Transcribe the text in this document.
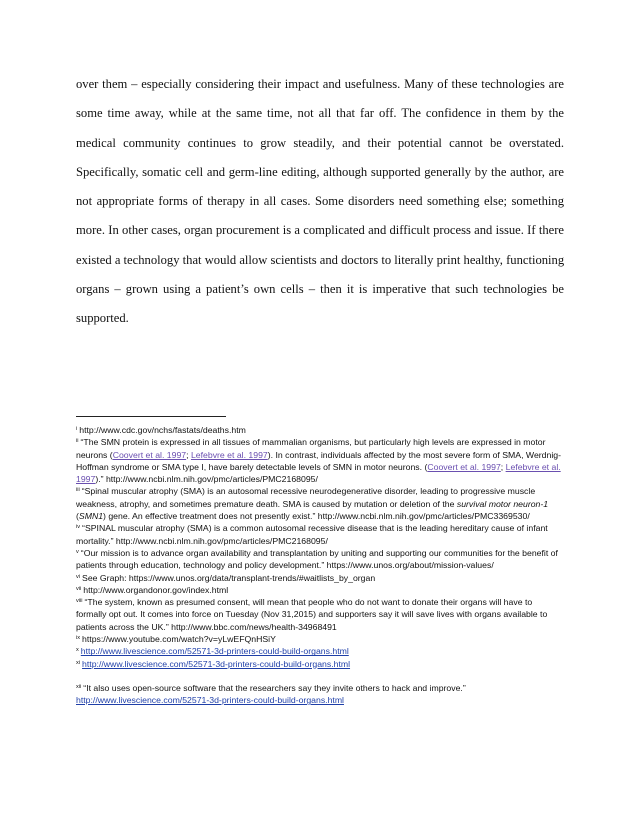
over them – especially considering their impact and usefulness. Many of these technologies are
some time away, while at the same time, not all that far off. The confidence in them by the
medical community continues to grow steadily, and their potential cannot be overstated.
Specifically, somatic cell and germ-line editing, although supported generally by the author, are
not appropriate forms of therapy in all cases. Some disorders need something else; something
more. In other cases, organ procurement is a complicated and difficult process and issue. If there
existed a technology that would allow scientists and doctors to literally print healthy, functioning
organs – grown using a patient’s own cells – then it is imperative that such technologies be
supported.
$^i$ http://www.cdc.gov/nchs/fastats/deaths.htm
$^{ii}$ “The SMN protein is expressed in all tissues of mammalian organisms, but particularly high levels are expressed in motor neurons (Coovert et al. 1997; Lefebvre et al. 1997). In contrast, individuals affected by the most severe form of SMA, Werdnig-Hoffman syndrome or SMA type I, have barely detectable levels of SMN in motor neurons. (Coovert et al. 1997; Lefebvre et al. 1997).” http://www.ncbi.nlm.nih.gov/pmc/articles/PMC2168095/
$^{iii}$ “Spinal muscular atrophy (SMA) is an autosomal recessive neurodegenerative disorder, leading to progressive muscle weakness, atrophy, and sometimes premature death. SMA is caused by mutation or deletion of the survival motor neuron-1 (SMN1) gene. An effective treatment does not presently exist.” http://www.ncbi.nlm.nih.gov/pmc/articles/PMC3369530/
$^{iv}$ “SPINAL muscular atrophy (SMA) is a common autosomal recessive disease that is the leading hereditary cause of infant mortality.” http://www.ncbi.nlm.nih.gov/pmc/articles/PMC2168095/
$^v$ “Our mission is to advance organ availability and transplantation by uniting and supporting our communities for the benefit of patients through education, technology and policy development.” https://www.unos.org/about/mission-values/
$^{vi}$ See Graph: https://www.unos.org/data/transplant-trends/#waitlists_by_organ
$^{vii}$ http://www.organdonor.gov/index.html
$^{viii}$ “The system, known as presumed consent, will mean that people who do not want to donate their organs will have to formally opt out. It comes into force on Tuesday (Nov 31,2015) and supporters say it will save lives with organs available to patients across the UK.” http://www.bbc.com/news/health-34968491
$^{ix}$ https://www.youtube.com/watch?v=yLwEFQnHSiY
$^x$ http://www.livescience.com/52571-3d-printers-could-build-organs.html
$^{xi}$ http://www.livescience.com/52571-3d-printers-could-build-organs.html
$^{xii}$ “It also uses open-source software that the researchers say they invite others to hack and improve.”
http://www.livescience.com/52571-3d-printers-could-build-organs.html
